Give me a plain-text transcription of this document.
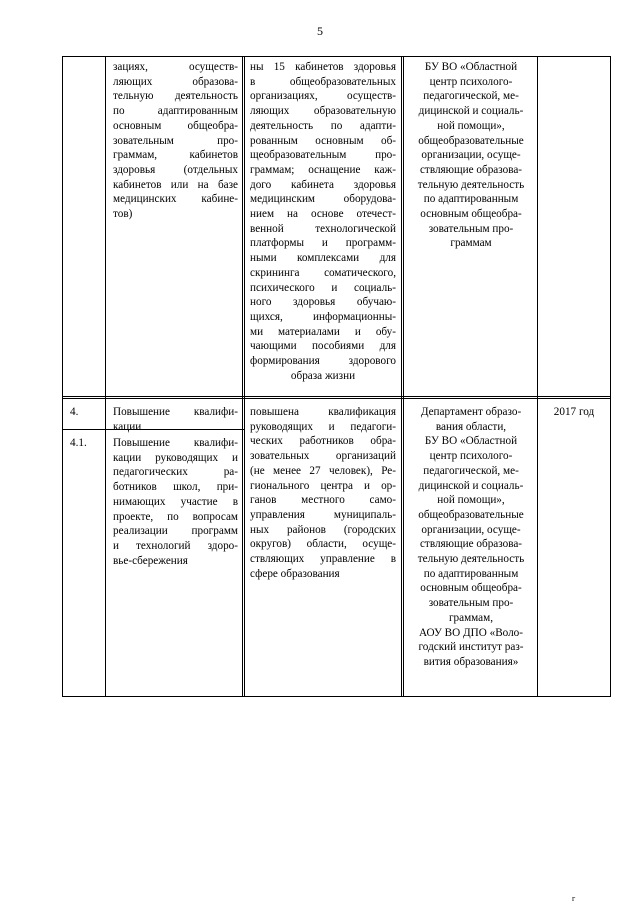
5
зациях, осуществ-
ляющих образова-
тельную деятельность
по адаптированным
основным общеобра-
зовательным про-
граммам, кабинетов
здоровья (отдельных
кабинетов или на базе
медицинских кабине-
тов)
ны 15 кабинетов здоровья
в общеобразовательных
организациях, осуществ-
ляющих образовательную
деятельность по адапти-
рованным основным об-
щеобразовательным про-
граммам; оснащение каж-
дого кабинета здоровья
медицинским оборудова-
нием на основе отечест-
венной технологической
платформы и программ-
ными комплексами для
скрининга соматического,
психического и социаль-
ного здоровья обучаю-
щихся, информационны-
ми материалами и обу-
чающими пособиями для
формирования здорового
образа жизни
БУ ВО «Областной
центр психолого-
педагогической, ме-
дицинской и социаль-
ной помощи»,
общеобразовательные
организации, осуще-
ствляющие образова-
тельную деятельность
по адаптированным
основным общеобра-
зовательным про-
граммам
4.	Повышение квалифи-
кации
4.1.	Повышение квалифи-
кации руководящих и
педагогических ра-
ботников школ, при-
нимающих участие в
проекте, по вопросам
реализации программ
и технологий здоро-
вье-сбережения
повышена квалификация
руководящих и педагоги-
ческих работников обра-
зовательных организаций
(не менее 27 человек), Ре-
гионального центра и ор-
ганов местного само-
управления муниципаль-
ных районов (городских
округов) области, осуще-
ствляющих управление в
сфере образования
Департамент образо-
вания области,
БУ ВО «Областной
центр психолого-
педагогической, ме-
дицинской и социаль-
ной помощи»,
общеобразовательные
организации, осуще-
ствляющие образова-
тельную деятельность
по адаптированным
основным общеобра-
зовательным про-
граммам,
АОУ ВО ДПО «Воло-
годский институт раз-
вития образования»
2017 год
г
